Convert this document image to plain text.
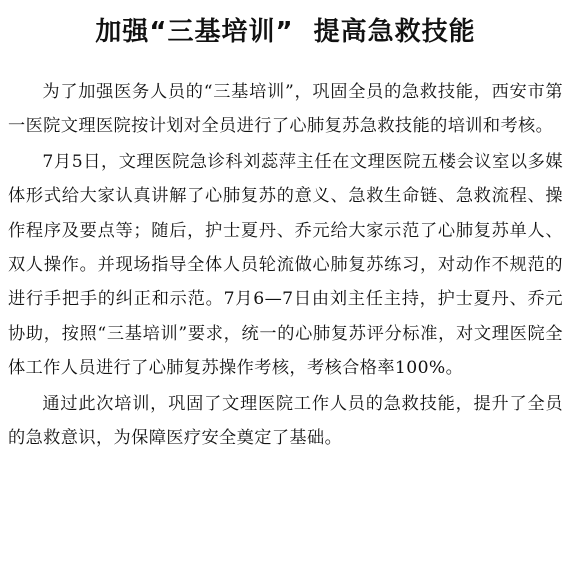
加强“三基培训”  提高急救技能

为了加强医务人员的“三基培训”，巩固全员的急救技能，西安市第一医院文理医院按计划对全员进行了心肺复苏急救技能的培训和考核。

7月5日，文理医院急诊科刘蕊萍主任在文理医院五楼会议室以多媒体形式给大家认真讲解了心肺复苏的意义、急救生命链、急救流程、操作程序及要点等；随后，护士夏丹、乔元给大家示范了心肺复苏单人、双人操作。并现场指导全体人员轮流做心肺复苏练习，对动作不规范的进行手把手的纠正和示范。7月6—7日由刘主任主持，护士夏丹、乔元协助，按照“三基培训”要求，统一的心肺复苏评分标准，对文理医院全体工作人员进行了心肺复苏操作考核，考核合格率100%。

通过此次培训，巩固了文理医院工作人员的急救技能，提升了全员的急救意识，为保障医疗安全奠定了基础。
